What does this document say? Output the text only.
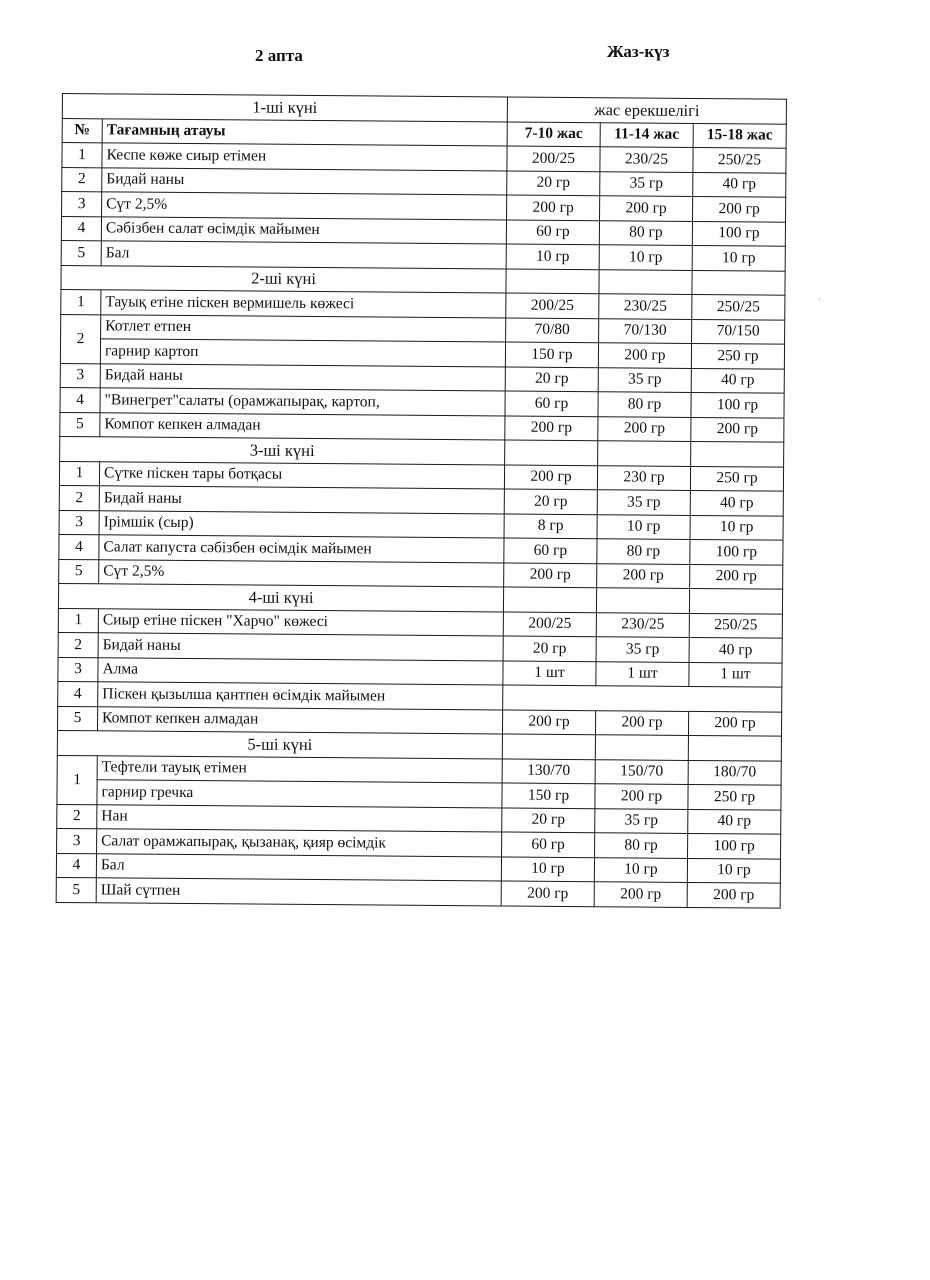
2 апта	Жаз-күз
·
1-ші күні		жас ерекшелігі		
№	Тағамның атауы	7-10 жас	11-14 жас	15-18 жас
1	Кеспе көже сиыр етімен	200/25	230/25	250/25
2	Бидай наны	20 гр	35 гр	40 гр
3	Сүт 2,5%	200 гр	200 гр	200 гр
4	Сәбізбен салат өсімдік майымен	60 гр	80 гр	100 гр
5	Бал	10 гр	10 гр	10 гр
2-ші күні				
1	Тауық етіне піскен вермишель көжесі	200/25	230/25	250/25
2	Котлет етпен	70/80	70/130	70/150
	гарнир картоп	150 гр	200 гр	250 гр
3	Бидай наны	20 гр	35 гр	40 гр
4	"Винегрет"салаты (орамжапырақ, картоп,	60 гр	80 гр	100 гр
5	Компот кепкен алмадан	200 гр	200 гр	200 гр
3-ші күні				
1	Сүтке піскен тары ботқасы	200 гр	230 гр	250 гр
2	Бидай наны	20 гр	35 гр	40 гр
3	Ірімшік (сыр)	8 гр	10 гр	10 гр
4	Салат капуста сәбізбен өсімдік майымен	60 гр	80 гр	100 гр
5	Сүт 2,5%	200 гр	200 гр	200 гр
4-ші күні				
1	Сиыр етіне піскен "Харчо" көжесі	200/25	230/25	250/25
2	Бидай наны	20 гр	35 гр	40 гр
3	Алма	1 шт	1 шт	1 шт
4	Піскен қызылша қантпен өсімдік майымен			
5	Компот кепкен алмадан	200 гр	200 гр	200 гр
5-ші күні				
1	Тефтели тауық етімен	130/70	150/70	180/70
	гарнир гречка	150 гр	200 гр	250 гр
2	Нан	20 гр	35 гр	40 гр
3	Салат орамжапырақ, қызанақ, қияр өсімдік	60 гр	80 гр	100 гр
4	Бал	10 гр	10 гр	10 гр
5	Шай сүтпен	200 гр	200 гр	200 гр
